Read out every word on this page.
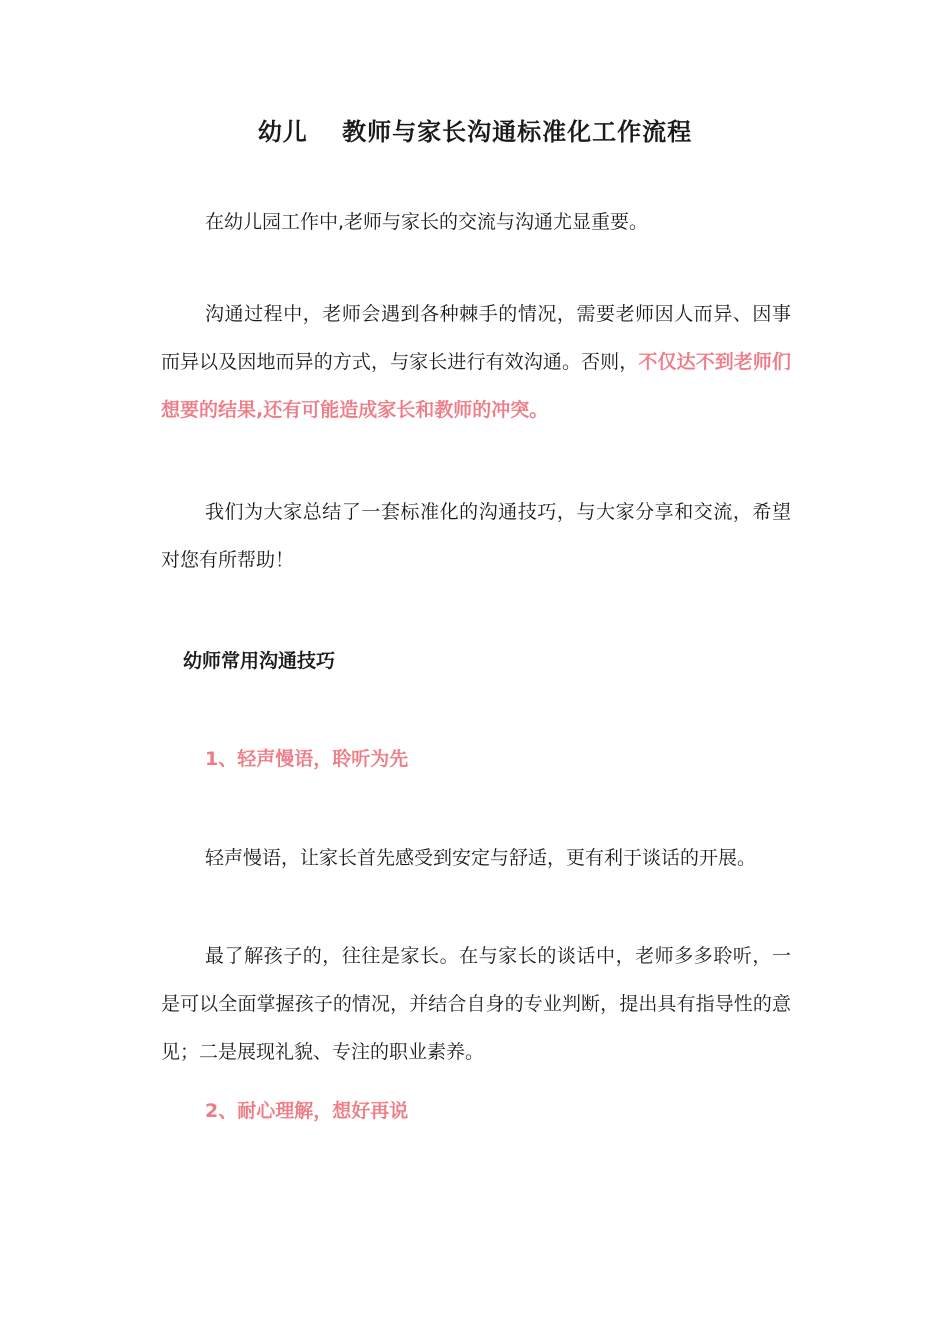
幼儿　 教师与家长沟通标准化工作流程

在幼儿园工作中,老师与家长的交流与沟通尤显重要。

沟通过程中，老师会遇到各种棘手的情况，需要老师因人而异、因事而异以及因地而异的方式，与家长进行有效沟通。否则，不仅达不到老师们想要的结果,还有可能造成家长和教师的冲突。

我们为大家总结了一套标准化的沟通技巧，与大家分享和交流，希望对您有所帮助！

幼师常用沟通技巧
1、轻声慢语，聆听为先

轻声慢语，让家长首先感受到安定与舒适，更有利于谈话的开展。

最了解孩子的，往往是家长。在与家长的谈话中，老师多多聆听，一是可以全面掌握孩子的情况，并结合自身的专业判断，提出具有指导性的意见；二是展现礼貌、专注的职业素养。

2、耐心理解，想好再说
